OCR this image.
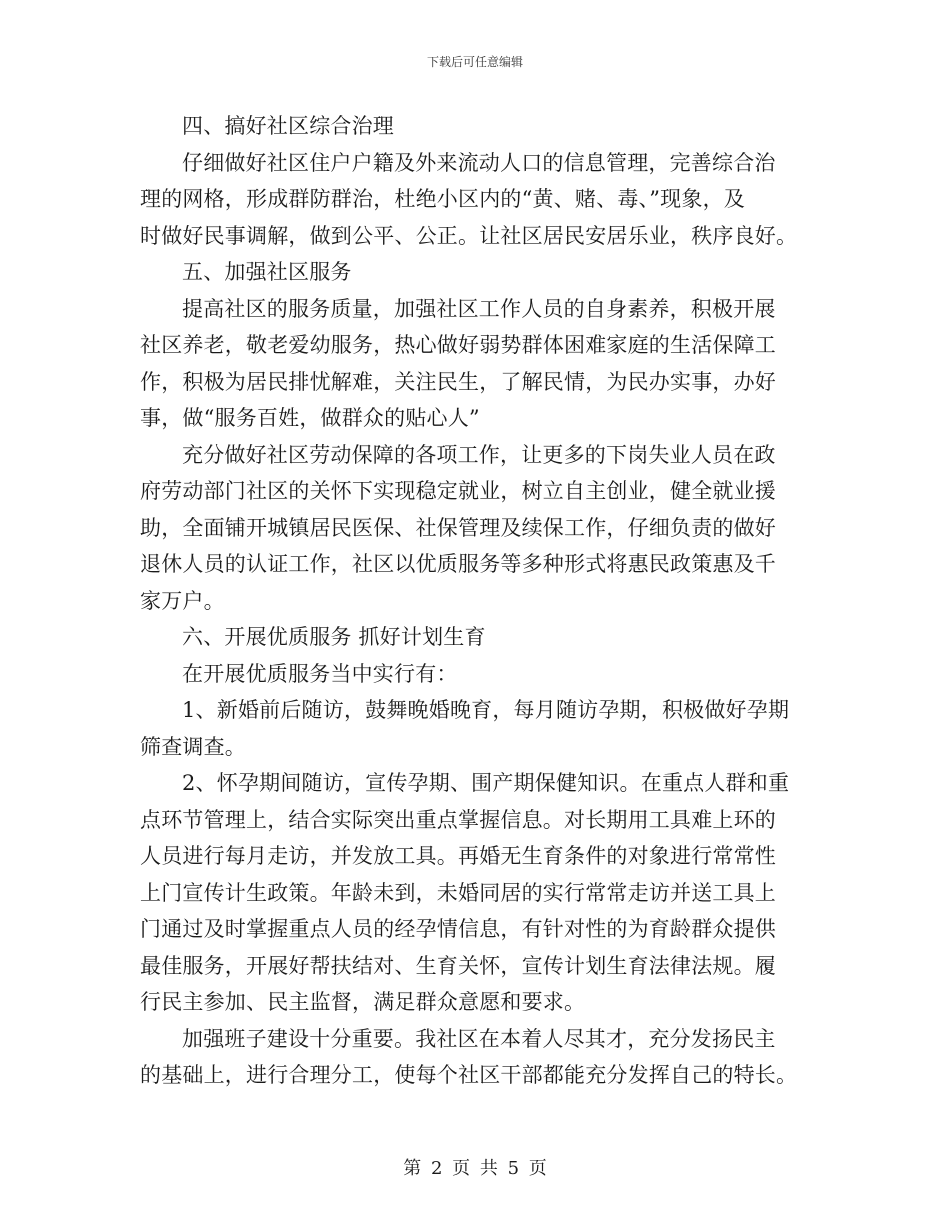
下载后可任意编辑
四、搞好社区综合治理
仔细做好社区住户户籍及外来流动人口的信息管理，完善综合治
理的网格，形成群防群治，杜绝小区内的“黄、赌、毒、”现象，及
时做好民事调解，做到公平、公正。让社区居民安居乐业，秩序良好。
五、加强社区服务
提高社区的服务质量，加强社区工作人员的自身素养，积极开展
社区养老，敬老爱幼服务，热心做好弱势群体困难家庭的生活保障工
作，积极为居民排忧解难，关注民生，了解民情，为民办实事，办好
事，做“服务百姓，做群众的贴心人”
充分做好社区劳动保障的各项工作，让更多的下岗失业人员在政
府劳动部门社区的关怀下实现稳定就业，树立自主创业，健全就业援
助，全面铺开城镇居民医保、社保管理及续保工作，仔细负责的做好
退休人员的认证工作，社区以优质服务等多种形式将惠民政策惠及千
家万户。
六、开展优质服务 抓好计划生育
在开展优质服务当中实行有：
1、新婚前后随访，鼓舞晚婚晚育，每月随访孕期，积极做好孕期
筛查调查。
2、怀孕期间随访，宣传孕期、围产期保健知识。在重点人群和重
点环节管理上，结合实际突出重点掌握信息。对长期用工具难上环的
人员进行每月走访，并发放工具。再婚无生育条件的对象进行常常性
上门宣传计生政策。年龄未到，未婚同居的实行常常走访并送工具上
门通过及时掌握重点人员的经孕情信息，有针对性的为育龄群众提供
最佳服务，开展好帮扶结对、生育关怀，宣传计划生育法律法规。履
行民主参加、民主监督，满足群众意愿和要求。
加强班子建设十分重要。我社区在本着人尽其才，充分发扬民主
的基础上，进行合理分工，使每个社区干部都能充分发挥自己的特长。
第 2 页 共 5 页
